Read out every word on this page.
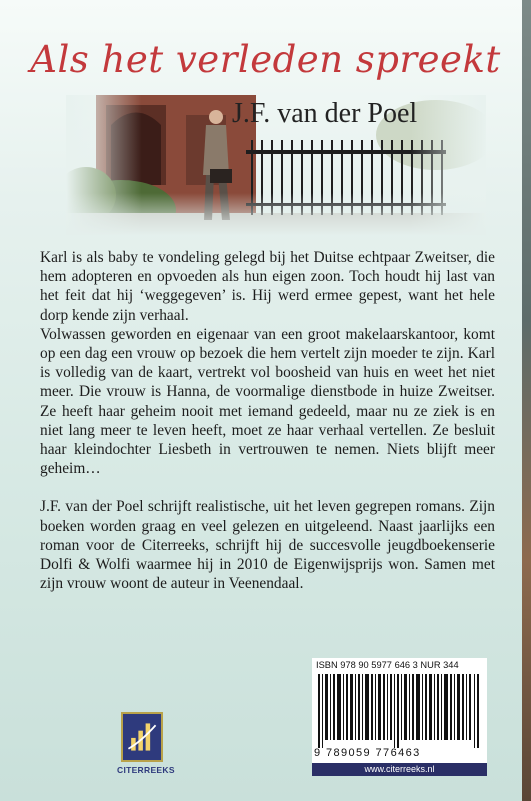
Als het verleden spreekt
J.F. van der Poel

Karl is als baby te vondeling gelegd bij het Duitse echtpaar Zweitser, die hem adopteren en opvoeden als hun eigen zoon. Toch houdt hij last van het feit dat hij ‘weggegeven’ is. Hij werd ermee gepest, want het hele dorp kende zijn verhaal.

Volwassen geworden en eigenaar van een groot makelaarskantoor, komt op een dag een vrouw op bezoek die hem vertelt zijn moeder te zijn. Karl is volledig van de kaart, vertrekt vol boosheid van huis en weet het niet meer. Die vrouw is Hanna, de voormalige dienstbode in huize Zweitser. Ze heeft haar geheim nooit met iemand gedeeld, maar nu ze ziek is en niet lang meer te leven heeft, moet ze haar verhaal vertellen. Ze besluit haar kleindochter Liesbeth in vertrouwen te nemen. Niets blijft meer geheim…

J.F. van der Poel schrijft realistische, uit het leven gegrepen romans. Zijn boeken worden graag en veel gelezen en uitgeleend. Naast jaarlijks een roman voor de Citerreeks, schrijft hij de succesvolle jeugdboekenserie Dolfi & Wolfi waarmee hij in 2010 de Eigenwijsprijs won. Samen met zijn vrouw woont de auteur in Veenendaal.

CITERREEKS
ISBN 978 90 5977 646 3 NUR 344
9 789059 776463
www.citerreeks.nl
